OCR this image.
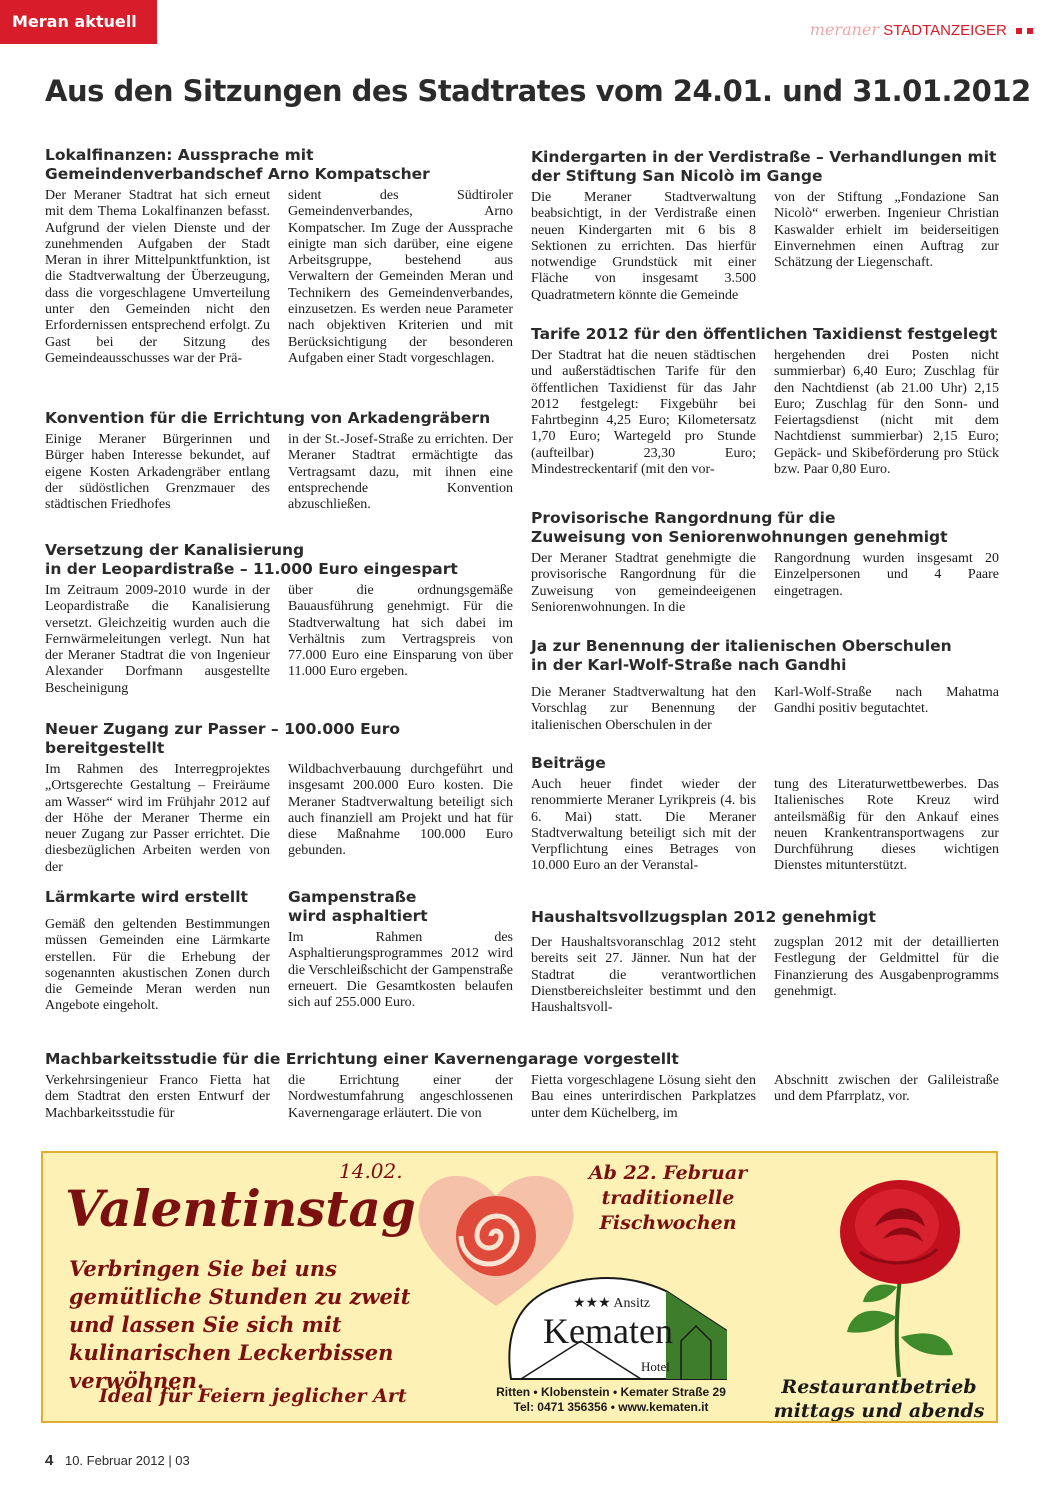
Meran aktuell	meraner STADTANZEIGER
Aus den Sitzungen des Stadtrates vom 24.01. und 31.01.2012
Lokalfinanzen: Aussprache mit
Gemeindenverbandschef Arno Kompatscher

Der Meraner Stadtrat hat sich erneut mit dem Thema Lokalfinanzen befasst. Aufgrund der vielen Dienste und der zunehmenden Aufgaben der Stadt Meran in ihrer Mittelpunktfunktion, ist die Stadtverwaltung der Überzeugung, dass die vorgeschlagene Umverteilung unter den Gemeinden nicht den Erfordernissen entsprechend erfolgt. Zu Gast bei der Sitzung des Gemeindeausschusses war der Prä-

sident des Südtiroler Gemeindenverbandes, Arno Kompatscher. Im Zuge der Aussprache einigte man sich darüber, eine eigene Arbeitsgruppe, bestehend aus Verwaltern der Gemeinden Meran und Technikern des Gemeindenverbandes, einzusetzen. Es werden neue Parameter nach objektiven Kriterien und mit Berücksichtigung der besonderen Aufgaben einer Stadt vorgeschlagen.

Konvention für die Errichtung von Arkadengräbern

Einige Meraner Bürgerinnen und Bürger haben Interesse bekundet, auf eigene Kosten Arkadengräber entlang der südöstlichen Grenzmauer des städtischen Friedhofes

in der St.-Josef-Straße zu errichten. Der Meraner Stadtrat ermächtigte das Vertragsamt dazu, mit ihnen eine entsprechende Konvention abzuschließen.

Versetzung der Kanalisierung
in der Leopardistraße – 11.000 Euro eingespart

Im Zeitraum 2009-2010 wurde in der Leopardistraße die Kanalisierung versetzt. Gleichzeitig wurden auch die Fernwärmeleitungen verlegt. Nun hat der Meraner Stadtrat die von Ingenieur Alexander Dorfmann ausgestellte Bescheinigung

über die ordnungsgemäße Bauausführung genehmigt. Für die Stadtverwaltung hat sich dabei im Verhältnis zum Vertragspreis von 77.000 Euro eine Einsparung von über 11.000 Euro ergeben.

Neuer Zugang zur Passer – 100.000 Euro bereitgestellt

Im Rahmen des Interregprojektes „Ortsgerechte Gestaltung – Freiräume am Wasser“ wird im Frühjahr 2012 auf der Höhe der Meraner Therme ein neuer Zugang zur Passer errichtet. Die diesbezüglichen Arbeiten werden von der

Wildbachverbauung durchgeführt und insgesamt 200.000 Euro kosten. Die Meraner Stadtverwaltung beteiligt sich auch finanziell am Projekt und hat für diese Maßnahme 100.000 Euro gebunden.

Lärmkarte wird erstellt

Gemäß den geltenden Bestimmungen müssen Gemeinden eine Lärmkarte erstellen. Für die Erhebung der sogenannten akustischen Zonen durch die Gemeinde Meran werden nun Angebote eingeholt.

Gampenstraße
wird asphaltiert

Im Rahmen des Asphaltierungsprogrammes 2012 wird die Verschleißschicht der Gampenstraße erneuert. Die Gesamtkosten belaufen sich auf 255.000 Euro.

Kindergarten in der Verdistraße – Verhandlungen mit
der Stiftung San Nicolò im Gange

Die Meraner Stadtverwaltung beabsichtigt, in der Verdistraße einen neuen Kindergarten mit 6 bis 8 Sektionen zu errichten. Das hierfür notwendige Grundstück mit einer Fläche von insgesamt 3.500 Quadratmetern könnte die Gemeinde

von der Stiftung „Fondazione San Nicolò“ erwerben. Ingenieur Christian Kaswalder erhielt im beiderseitigen Einvernehmen einen Auftrag zur Schätzung der Liegenschaft.

Tarife 2012 für den öffentlichen Taxidienst festgelegt

Der Stadtrat hat die neuen städtischen und außerstädtischen Tarife für den öffentlichen Taxidienst für das Jahr 2012 festgelegt: Fixgebühr bei Fahrtbeginn 4,25 Euro; Kilometersatz 1,70 Euro; Wartegeld pro Stunde (aufteilbar) 23,30 Euro; Mindestreckentarif (mit den vor-

hergehenden drei Posten nicht summierbar) 6,40 Euro; Zuschlag für den Nachtdienst (ab 21.00 Uhr) 2,15 Euro; Zuschlag für den Sonn- und Feiertagsdienst (nicht mit dem Nachtdienst summierbar) 2,15 Euro; Gepäck- und Skibeförderung pro Stück bzw. Paar 0,80 Euro.

Provisorische Rangordnung für die
Zuweisung von Seniorenwohnungen genehmigt

Der Meraner Stadtrat genehmigte die provisorische Rangordnung für die Zuweisung von gemeindeeigenen Seniorenwohnungen. In die

Rangordnung wurden insgesamt 20 Einzelpersonen und 4 Paare eingetragen.

Ja zur Benennung der italienischen Oberschulen
in der Karl-Wolf-Straße nach Gandhi

Die Meraner Stadtverwaltung hat den Vorschlag zur Benennung der italienischen Oberschulen in der

Karl-Wolf-Straße nach Mahatma Gandhi positiv begutachtet.

Beiträge

Auch heuer findet wieder der renommierte Meraner Lyrikpreis (4. bis 6. Mai) statt. Die Meraner Stadtverwaltung beteiligt sich mit der Verpflichtung eines Betrages von 10.000 Euro an der Veranstal-

tung des Literaturwettbewerbes. Das Italienisches Rote Kreuz wird anteilsmäßig für den Ankauf eines neuen Krankentransportwagens zur Durchführung dieses wichtigen Dienstes mitunterstützt.

Haushaltsvollzugsplan 2012 genehmigt

Der Haushaltsvoranschlag 2012 steht bereits seit 27. Jänner. Nun hat der Stadtrat die verantwortlichen Dienstbereichsleiter bestimmt und den Haushaltsvoll-

zugsplan 2012 mit der detaillierten Festlegung der Geldmittel für die Finanzierung des Ausgabenprogramms genehmigt.

Machbarkeitsstudie für die Errichtung einer Kavernengarage vorgestellt

Verkehrsingenieur Franco Fietta hat dem Stadtrat den ersten Entwurf der Machbarkeitsstudie für

die Errichtung einer der Nordwestumfahrung angeschlossenen Kavernengarage erläutert. Die von

Fietta vorgeschlagene Lösung sieht den Bau eines unterirdischen Parkplatzes unter dem Küchelberg, im

Abschnitt zwischen der Galileistraße und dem Pfarrplatz, vor.

14.02.
Valentinstag
Verbringen Sie bei uns gemütliche Stunden zu zweit und lassen Sie sich mit kulinarischen Leckerbissen verwöhnen.
Ideal für Feiern jeglicher Art
Ab 22. Februar
traditionelle
Fischwochen
★★★ Ansitz
Kematen
Hotel
Ritten • Klobenstein • Kemater Straße 29
Tel: 0471 356356 • www.kematen.it
Restaurantbetrieb
mittags und abends
4 10. Februar 2012 | 03
